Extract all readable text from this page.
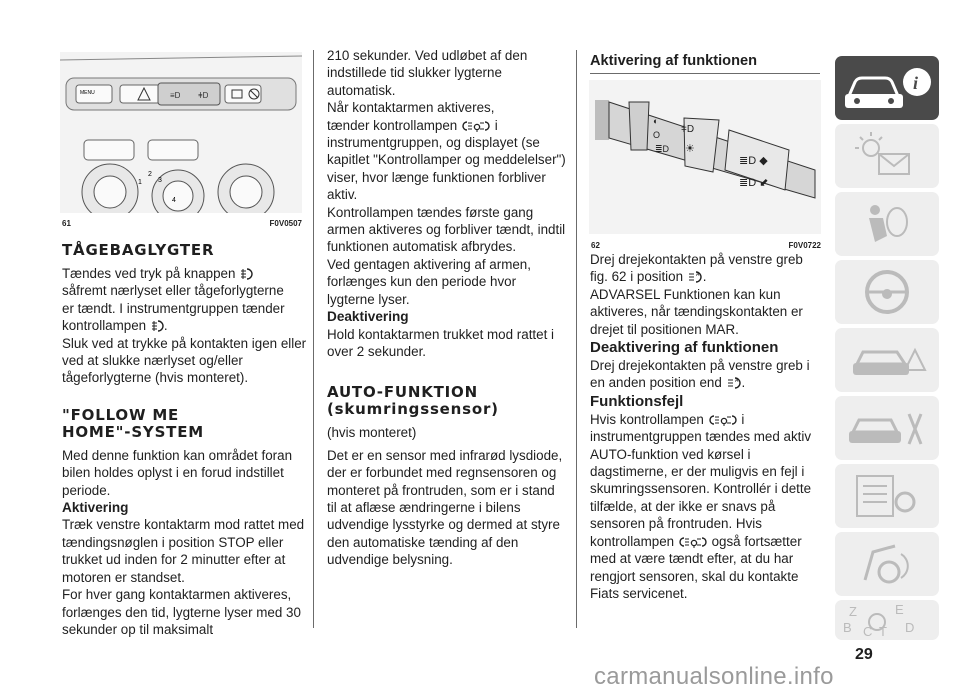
MENU	≡D ǂD
1
2
3
4
61	F0V0507
TÅGEBAGLYGTER

Tændes ved tryk på knappen
såfremt nærlyset eller tågeforlygterne
er tændt. I instrumentgruppen tænder
kontrollampen .

Sluk ved at trykke på kontakten igen eller ved at slukke nærlyset og/eller tågeforlygterne (hvis monteret).

"FOLLOW ME
HOME"-SYSTEM

Med denne funktion kan området foran bilen holdes oplyst i en forud indstillet periode.

Aktivering

Træk venstre kontaktarm mod rattet med tændingsnøglen i position STOP eller trukket ud inden for 2 minutter efter at motoren er standset.

For hver gang kontaktarmen aktiveres, forlænges den tid, lygterne lyser med 30 sekunder op til maksimalt

210 sekunder. Ved udløbet af den indstillede tid slukker lygterne automatisk.

Når kontaktarmen aktiveres,
tænder kontrollampen	i
instrumentgruppen, og displayet (se kapitlet "Kontrollamper og meddelelser") viser, hvor længe funktionen forbliver aktiv.

Kontrollampen tændes første gang armen aktiveres og forbliver tændt, indtil funktionen automatisk afbrydes.

Ved gentagen aktivering af armen, forlænges kun den periode hvor lygterne lyser.

Deaktivering

Hold kontaktarmen trukket mod rattet i over 2 sekunder.

AUTO-FUNKTION
(skumringssensor)

(hvis monteret)

Det er en sensor med infrarød lysdiode, der er forbundet med regnsensoren og monteret på frontruden, som er i stand til at aflæse ændringerne i bilens udvendige lysstyrke og dermed at styre den automatiske tænding af den udvendige belysning.

Aktivering af funktionen
◐
O
≣D
ǂD
☀
≣D ◆
≣D ⬋
62	F0V0722

Drej drejekontakten på venstre greb
fig. 62 i position	A .

ADVARSEL Funktionen kan kun aktiveres, når tændingskontakten er drejet til positionen MAR.

Deaktivering af funktionen

Drej drejekontakten på venstre greb i
en anden position end	A .

Funktionsfejl

Hvis kontrollampen	i
instrumentgruppen tændes med aktiv AUTO-funktion ved kørsel i dagstimerne, er der muligvis en fejl i skumringssensoren. Kontrollér i dette tilfælde, at der ikke er snavs på sensoren på frontruden. Hvis
kontrollampen	også fortsætter
med at være tændt efter, at du har rengjort sensoren, skal du kontakte Fiats servicenet.

i
Z	E
B C T D
29
carmanualsonline.info
